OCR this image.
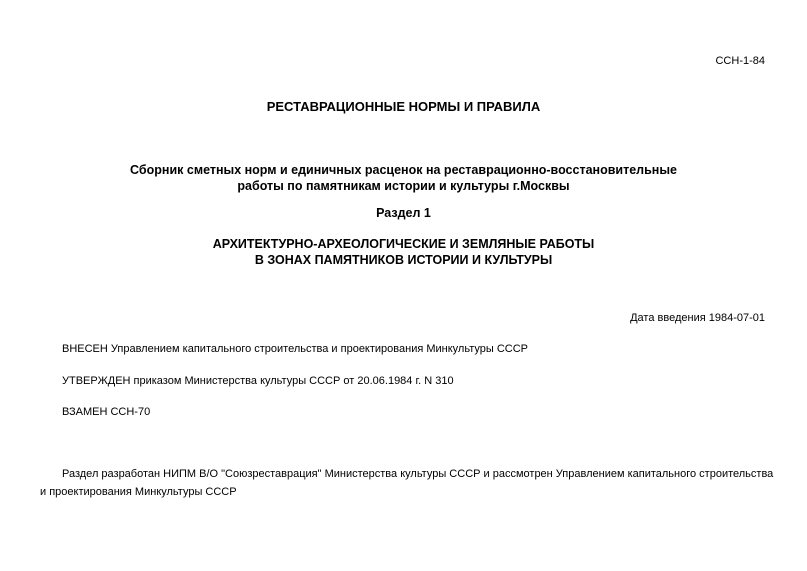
ССН-1-84
РЕСТАВРАЦИОННЫЕ НОРМЫ И ПРАВИЛА
Сборник сметных норм и единичных расценок на реставрационно-восстановительные
работы по памятникам истории и культуры г.Москвы
Раздел 1
АРХИТЕКТУРНО-АРХЕОЛОГИЧЕСКИЕ И ЗЕМЛЯНЫЕ РАБОТЫ
В ЗОНАХ ПАМЯТНИКОВ ИСТОРИИ И КУЛЬТУРЫ
Дата введения 1984-07-01
ВНЕСЕН Управлением капитального строительства и проектирования Минкультуры СССР
УТВЕРЖДЕН приказом Министерства культуры СССР от 20.06.1984 г. N 310
ВЗАМЕН ССН-70
Раздел разработан НИПМ В/О "Союзреставрация" Министерства культуры СССР и рассмотрен Управлением капитального строительства и проектирования Минкультуры СССР
